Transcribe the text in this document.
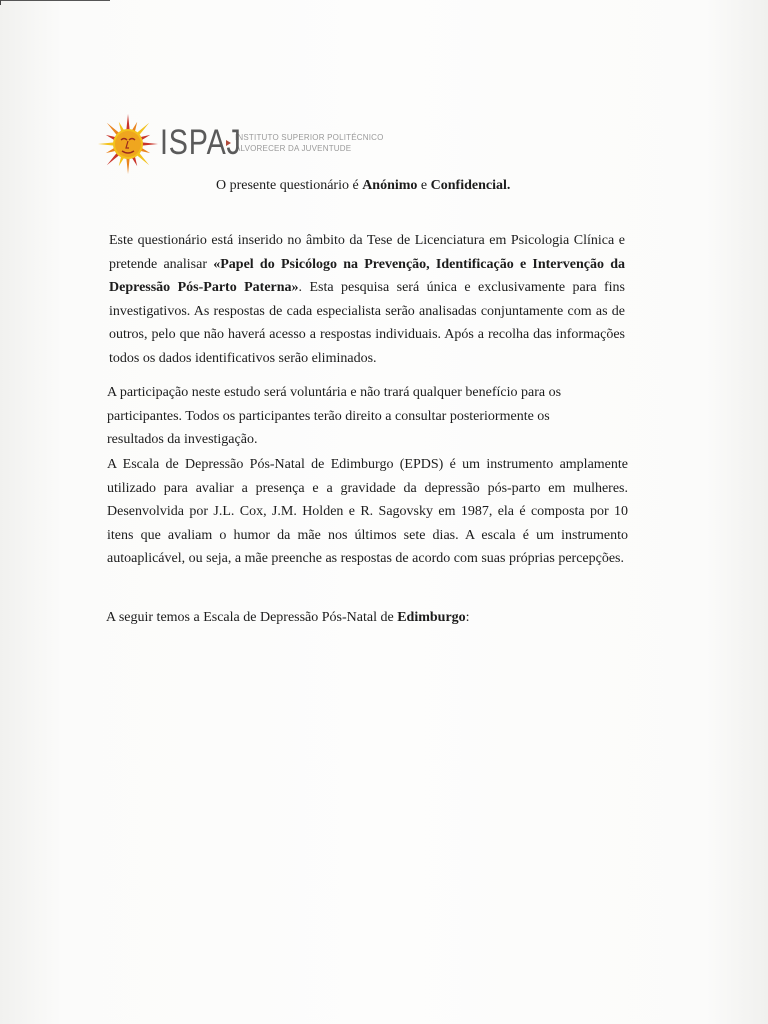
ISPAJ
INSTITUTO SUPERIOR POLITÉCNICO
ALVORECER DA JUVENTUDE
O presente questionário é Anónimo e Confidencial.
Este questionário está inserido no âmbito da Tese de Licenciatura em Psicologia Clínica e pretende analisar «Papel do Psicólogo na Prevenção, Identificação e Intervenção da Depressão Pós-Parto Paterna». Esta pesquisa será única e exclusivamente para fins investigativos. As respostas de cada especialista serão analisadas conjuntamente com as de outros, pelo que não haverá acesso a respostas individuais. Após a recolha das informações todos os dados identificativos serão eliminados.
A participação neste estudo será voluntária e não trará qualquer benefício para os
participantes. Todos os participantes terão direito a consultar posteriormente os
resultados da investigação.
A Escala de Depressão Pós-Natal de Edimburgo (EPDS) é um instrumento amplamente utilizado para avaliar a presença e a gravidade da depressão pós-parto em mulheres. Desenvolvida por J.L. Cox, J.M. Holden e R. Sagovsky em 1987, ela é composta por 10 itens que avaliam o humor da mãe nos últimos sete dias. A escala é um instrumento autoaplicável, ou seja, a mãe preenche as respostas de acordo com suas próprias percepções.
A seguir temos a Escala de Depressão Pós-Natal de Edimburgo:
